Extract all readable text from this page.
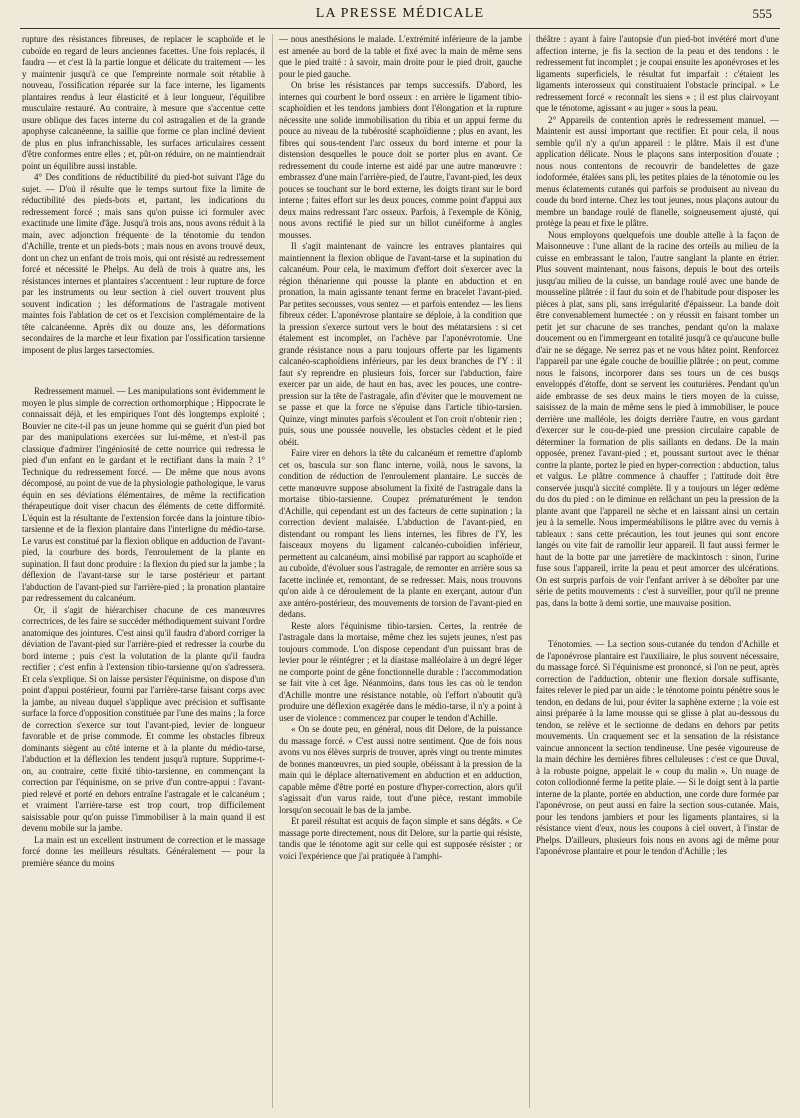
LA PRESSE MÉDICALE	555

rupture des résistances fibreuses, de replacer le scaphoïde et le cuboïde en regard de leurs anciennes facettes. Une fois replacés, il faudra — et c'est là la partie longue et délicate du traitement — les y maintenir jusqu'à ce que l'empreinte normale soit rétablie à nouveau, l'ossification réparée sur la face interne, les ligaments plantaires rendus à leur élasticité et à leur longueur, l'équilibre musculaire restauré. Au contraire, à mesure que s'accentue cette usure oblique des faces interne du col astragalien et de la grande apophyse calcanéenne, la saillie que forme ce plan incliné devient de plus en plus infranchissable, les surfaces articulaires cessent d'être conformes entre elles ; et, pût-on réduire, on ne maintiendrait point un équilibre aussi instable.

4° Des conditions de réductibilité du pied-bot suivant l'âge du sujet. — D'où il résulte que le temps surtout fixe la limite de réductibilité des pieds-bots et, partant, les indications du redressement forcé ; mais sans qu'on puisse ici formuler avec exactitude une limite d'âge. Jusqu'à trois ans, nous avons réduit à la main, avec adjonction fréquente de la ténotomie du tendon d'Achille, trente et un pieds-bots ; mais nous en avons trouvé deux, dont un chez un enfant de trois mois, qui ont résisté au redressement forcé et nécessité le Phelps. Au delà de trois à quatre ans, les résistances internes et plantaires s'accentuent : leur rupture de force par les instruments ou leur section à ciel ouvert trouvent plus souvent indication ; les déformations de l'astragale motivent maintes fois l'ablation de cet os et l'excision complémentaire de la tête calcanéenne. Après dix ou douze ans, les déformations secondaires de la marche et leur fixation par l'ossification tarsienne imposent de plus larges tarsectomies.

Redressement manuel. — Les manipulations sont évidemment le moyen le plus simple de correction orthomorphique ; Hippocrate le connaissait déjà, et les empiriques l'ont dès longtemps exploité ; Bouvier ne cite-t-il pas un jeune homme qui se guérit d'un pied bot par des manipulations exercées sur lui-même, et n'est-il pas classique d'admirer l'ingéniosité de cette nourrice qui redressa le pied d'un enfant en le gardant et le rectifiant dans la main ? 1° Technique du redressement forcé. — De même que nous avons décomposé, au point de vue de la physiologie pathologique, le varus équin en ses déviations élémentaires, de même la rectification thérapeutique doit viser chacun des éléments de cette difformité. L'équin est la résultante de l'extension forcée dans la jointure tibio-tarsienne et de la flexion plantaire dans l'interligne du médio-tarse. Le varus est constitué par la flexion oblique en adduction de l'avant-pied, la courbure des bords, l'enroulement de la plante en supination. Il faut donc produire : la flexion du pied sur la jambe ; la déflexion de l'avant-tarse sur le tarse postérieur et partant l'abduction de l'avant-pied sur l'arrière-pied ; la pronation plantaire par redressement du calcanéum.

Or, il s'agit de hiérarchiser chacune de ces manœuvres correctrices, de les faire se succéder méthodiquement suivant l'ordre anatomique des jointures. C'est ainsi qu'il faudra d'abord corriger la déviation de l'avant-pied sur l'arrière-pied et redresser la courbe du bord interne ; puis c'est la volutation de la plante qu'il faudra rectifier ; c'est enfin à l'extension tibio-tarsienne qu'on s'adressera. Et cela s'explique. Si on laisse persister l'équinisme, on dispose d'un point d'appui postérieur, fourni par l'arrière-tarse faisant corps avec la jambe, au niveau duquel s'applique avec précision et suffisante surface la force d'opposition constituée par l'une des mains ; la force de correction s'exerce sur tout l'avant-pied, levier de longueur favorable et de prise commode. Et comme les obstacles fibreux dominants siègent au côté interne et à la plante du médio-tarse, l'abduction et la déflexion les tendent jusqu'à rupture. Supprime-t-on, au contraire, cette fixité tibio-tarsienne, en commençant la correction par l'équinisme, on se prive d'un contre-appui : l'avant-pied relevé et porté en dehors entraîne l'astragale et le calcanéum ; et vraiment l'arrière-tarse est trop court, trop difficilement saisissable pour qu'on puisse l'immobiliser à la main quand il est devenu mobile sur la jambe.

La main est un excellent instrument de correction et le massage forcé donne les meilleurs résultats. Généralement — pour la première séance du moins

— nous anesthésions le malade. L'extrémité inférieure de la jambe est amenée au bord de la table et fixé avec la main de même sens que le pied traité : à savoir, main droite pour le pied droit, gauche pour le pied gauche.

On brise les résistances par temps successifs. D'abord, les internes qui courbent le bord osseux : en arrière le ligament tibio-scaphoïdien et les tendons jambiers dont l'élongation et la rupture nécessite une solide immobilisation du tibia et un appui ferme du pouce au niveau de la tubérosité scaphoïdienne ; plus en avant, les fibres qui sous-tendent l'arc osseux du bord interne et pour la distension desquelles le pouce doit se porter plus en avant. Ce redressement du coude interne est aidé par une autre manœuvre : embrassez d'une main l'arrière-pied, de l'autre, l'avant-pied, les deux pouces se touchant sur le bord externe, les doigts tirant sur le bord interne ; faites effort sur les deux pouces, comme point d'appui aux deux mains redressant l'arc osseux. Parfois, à l'exemple de König, nous avons rectifié le pied sur un billot cunéiforme à angles mousses.

Il s'agit maintenant de vaincre les entraves plantaires qui maintiennent la flexion oblique de l'avant-tarse et la supination du calcanéum. Pour cela, le maximum d'effort doit s'exercer avec la région thénarienne qui pousse la plante en abduction et en pronation, la main agissante tenant ferme en bracelet l'avant-pied. Par petites secousses, vous sentez — et parfois entendez — les liens fibreux céder. L'aponévrose plantaire se déploie, à la condition que la pression s'exerce surtout vers le bout des métatarsiens : si cet étalement est incomplet, on l'achève par l'aponévrotomie. Une grande résistance nous a paru toujours offerte par les ligaments calcanéo-scaphoïdiens inférieurs, par les deux branches de l'Y : il faut s'y reprendre en plusieurs fois, forcer sur l'abduction, faire exercer par un aide, de haut en bas, avec les pouces, une contre-pression sur la tête de l'astragale, afin d'éviter que le mouvement ne se passe et que la force ne s'épuise dans l'article tibio-tarsien. Quinze, vingt minutes parfois s'écoulent et l'on croit n'obtenir rien ; puis, sous une poussée nouvelle, les obstacles cèdent et le pied obéit.

Faire virer en dehors la tête du calcanéum et remettre d'aplomb cet os, bascula sur son flanc interne, voilà, nous le savons, la condition de réduction de l'enroulement plantaire. Le succès de cette manœuvre suppose absolument la fixité de l'astragale dans la mortaise tibio-tarsienne. Coupez prématurément le tendon d'Achille, qui cependant est un des facteurs de cette supination ; la correction devient malaisée. L'abduction de l'avant-pied, en distendant ou rompant les liens internes, les fibres de l'Y, les faisceaux moyens du ligament calcanéo-cuboïdien inférieur, permettent au calcanéum, ainsi mobilisé par rapport au scaphoïde et au cuboïde, d'évoluer sous l'astragale, de remonter en arrière sous sa facette inclinée et, remontant, de se redresser. Mais, nous trouvons qu'on aide à ce déroulement de la plante en exerçant, autour d'un axe antéro-postérieur, des mouvements de torsion de l'avant-pied en dedans.

Reste alors l'équinisme tibio-tarsien. Certes, la rentrée de l'astragale dans la mortaise, même chez les sujets jeunes, n'est pas toujours commode. L'on dispose cependant d'un puissant bras de levier pour le réintégrer ; et la diastase malléolaire à un degré léger ne comporte point de gêne fonctionnelle durable : l'accommodation se fait vite à cet âge. Néanmoins, dans tous les cas où le tendon d'Achille montre une résistance notable, où l'effort n'aboutit qu'à produire une déflexion exagérée dans le médio-tarse, il n'y a point à user de violence : commencez par couper le tendon d'Achille.

« On se doute peu, en général, nous dit Delore, de la puissance du massage forcé. » C'est aussi notre sentiment. Que de fois nous avons vu nos élèves surpris de trouver, après vingt ou trente minutes de bonnes manœuvres, un pied souple, obéissant à la pression de la main qui le déplace alternativement en abduction et en adduction, capable même d'être porté en posture d'hyper-correction, alors qu'il s'agissait d'un varus raide, tout d'une pièce, restant immobile lorsqu'on secouait le bas de la jambe.

Et pareil résultat est acquis de façon simple et sans dégâts. « Ce massage porte directement, nous dit Delore, sur la partie qui résiste, tandis que le ténotome agit sur celle qui est supposée résister ; or voici l'expérience que j'ai pratiquée à l'amphi-

théâtre : ayant à faire l'autopsie d'un pied-bot invétéré mort d'une affection interne, je fis la section de la peau et des tendons : le redressement fut incomplet ; je coupai ensuite les aponévroses et les ligaments superficiels, le résultat fut imparfait : c'étaient les ligaments interosseux qui constituaient l'obstacle principal. » Le redressement forcé « reconnaît les siens » ; il est plus clairvoyant que le ténotome, agissant « au juger » sous la peau.

2° Appareils de contention après le redressement manuel. — Maintenir est aussi important que rectifier. Et pour cela, il nous semble qu'il n'y a qu'un appareil : le plâtre. Mais il est d'une application délicate. Nous le plaçons sans interposition d'ouate ; nous nous contentons de recouvrir de bandelettes de gaze iodoformée, étalées sans pli, les petites plaies de la ténotomie ou les menus éclatements cutanés qui parfois se produisent au niveau du coude du bord interne. Chez les tout jeunes, nous plaçons autour du membre un bandage roulé de flanelle, soigneusement ajusté, qui protège la peau et fixe le plâtre.

Nous employons quelquefois une double attelle à la façon de Maisonneuve : l'une allant de la racine des orteils au milieu de la cuisse en embrassant le talon, l'autre sanglant la plante en étrier. Plus souvent maintenant, nous faisons, depuis le bout des orteils jusqu'au milieu de la cuisse, un bandage roulé avec une bande de mousseline plâtrée : il faut du soin et de l'habitude pour disposer les pièces à plat, sans pli, sans irrégularité d'épaisseur. La bande doit être convenablement humectée : on y réussit en faisant tomber un petit jet sur chacune de ses tranches, pendant qu'on la malaxe doucement ou en l'immergeant en totalité jusqu'à ce qu'aucune bulle d'air ne se dégage. Ne serrez pas et ne vous hâtez point. Renforcez l'appareil par une égale couche de bouillie plâtrée ; on peut, comme nous le faisons, incorporer dans ses tours un de ces busqs enveloppés d'étoffe, dont se servent les couturières. Pendant qu'un aide embrasse de ses deux mains le tiers moyen de la cuisse, saisissez de la main de même sens le pied à immobiliser, le pouce derrière une malléole, les doigts derrière l'autre, en vous gardant d'exercer sur le cou-de-pied une pression circulaire capable de déterminer la formation de plis saillants en dedans. De la main opposée, prenez l'avant-pied ; et, poussant surtout avec le thénar contre la plante, portez le pied en hyper-correction : abduction, talus et valgus. Le plâtre commence à chauffer ; l'attitude doit être conservée jusqu'à siccité complète. Il y a toujours un léger œdème du dos du pied : on le diminue en relâchant un peu la pression de la plante avant que l'appareil ne sèche et en laissant ainsi un certain jeu à la semelle. Nous imperméabilisons le plâtre avec du vernis à tableaux : sans cette précaution, les tout jeunes qui sont encore langés ou vite fait de ramollir leur appareil. Il faut aussi fermer le haut de la botte par une jarretière de mackintosch : sinon, l'urine fuse sous l'appareil, irrite la peau et peut amorcer des ulcérations. On est surpris parfois de voir l'enfant arriver à se déboîter par une série de petits mouvements : c'est à surveiller, pour qu'il ne prenne pas, dans la botte à demi sortie, une mauvaise position.

Ténotomies. — La section sous-cutanée du tendon d'Achille et de l'aponévrose plantaire est l'auxiliaire, le plus souvent nécessaire, du massage forcé. Si l'équinisme est prononcé, si l'on ne peut, après correction de l'adduction, obtenir une flexion dorsale suffisante, faites relever le pied par un aide : le ténotome pointu pénètre sous le tendon, en dedans de lui, pour éviter la saphène externe ; la voie est ainsi préparée à la lame mousse qui se glisse à plat au-dessous du tendon, se relève et le sectionne de dedans en dehors par petits mouvements. Un craquement sec et la sensation de la résistance vaincue annoncent la section tendineuse. Une pesée vigoureuse de la main déchire les dernières fibres celluleuses : c'est ce que Duval, à la robuste poigne, appelait le « coup du malin ». Un nuage de coton collodionné ferme la petite plaie. — Si le doigt sent à la partie interne de la plante, portée en abduction, une corde dure formée par l'aponévrose, on peut aussi en faire la section sous-cutanée. Mais, pour les tendons jambiers et pour les ligaments plantaires, si la résistance vient d'eux, nous les coupons à ciel ouvert, à l'instar de Phelps. D'ailleurs, plusieurs fois nous en avons agi de même pour l'aponévrose plantaire et pour le tendon d'Achille ; les
